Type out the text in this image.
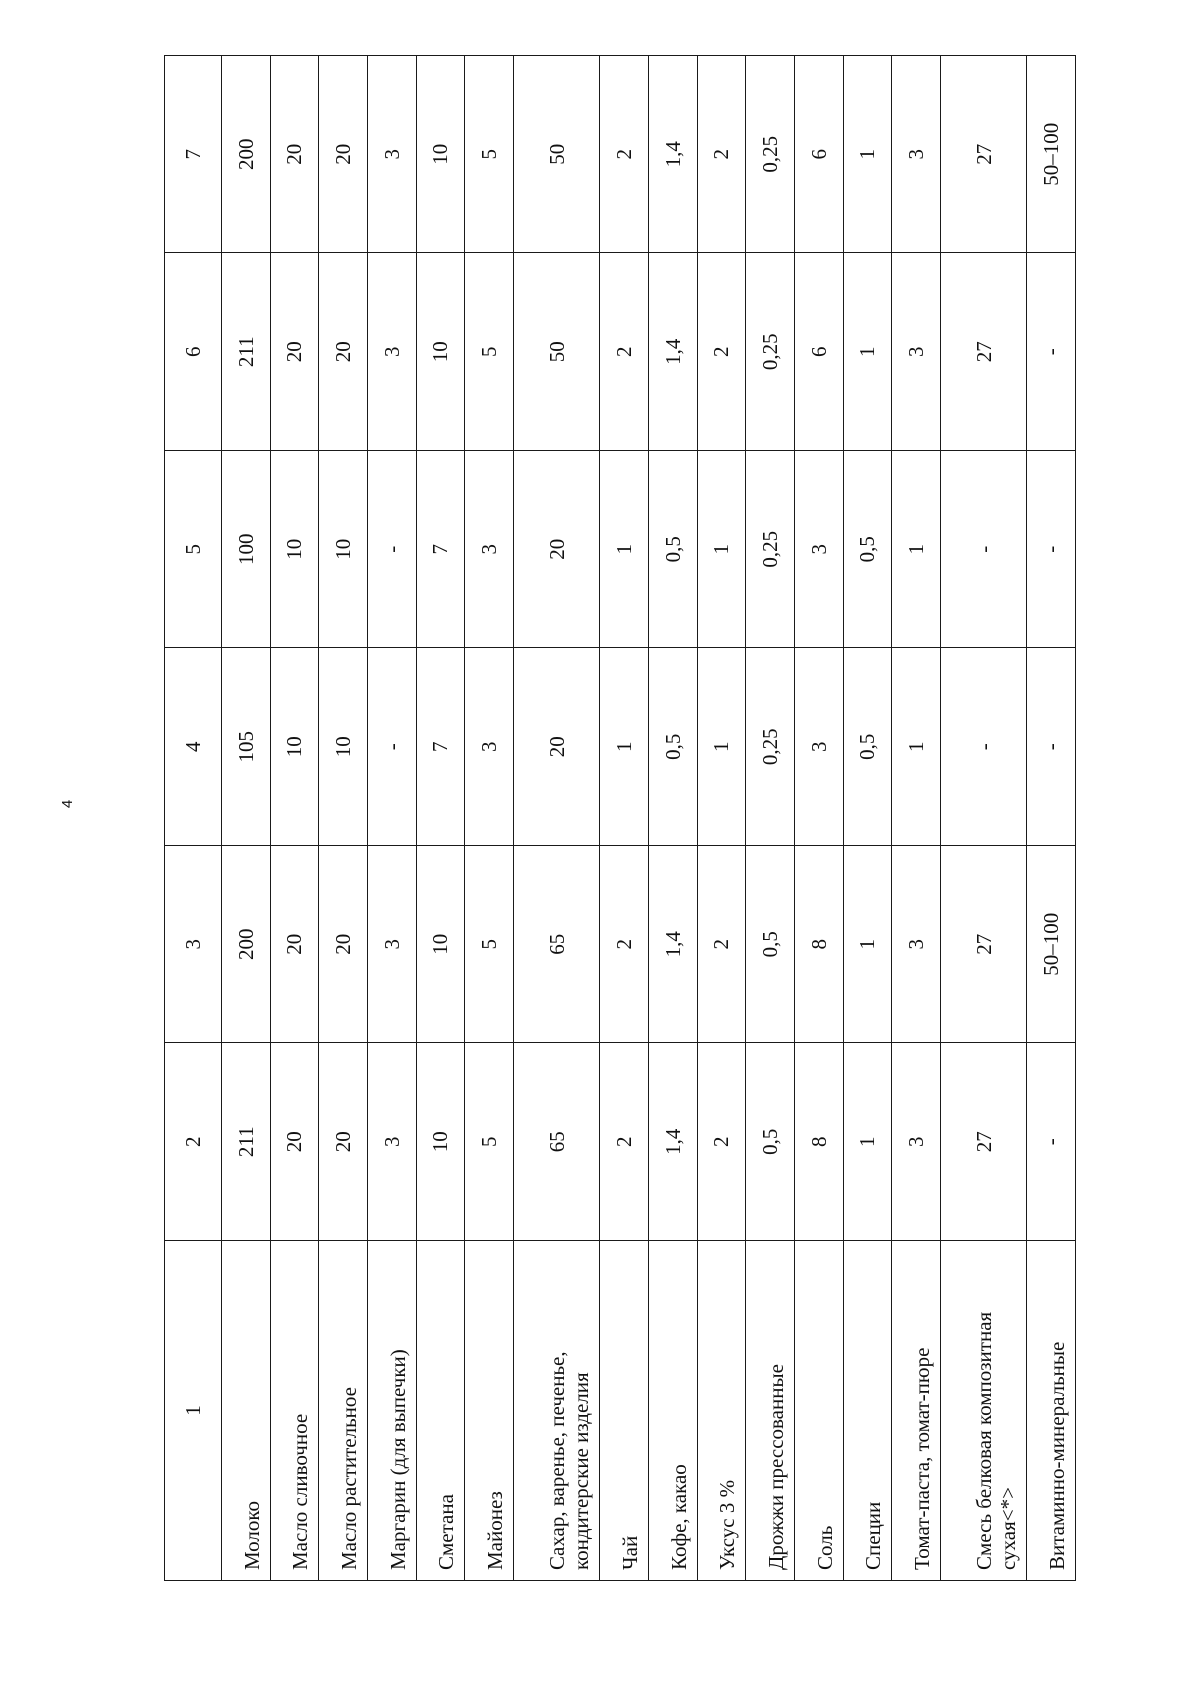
4
1	2	3	4	5	6	7
Молоко	211	200	105	100	211	200
Масло сливочное	20	20	10	10	20	20
Масло растительное	20	20	10	10	20	20
Маргарин (для выпечки)	3	3	-	-	3	3
Сметана	10	10	7	7	10	10
Майонез	5	5	3	3	5	5
Сахар, варенье, печенье, кондитерские изделия	65	65	20	20	50	50
Чай	2	2	1	1	2	2
Кофе, какао	1,4	1,4	0,5	0,5	1,4	1,4
Уксус 3 %	2	2	1	1	2	2
Дрожжи прессованные	0,5	0,5	0,25	0,25	0,25	0,25
Соль	8	8	3	3	6	6
Специи	1	1	0,5	0,5	1	1
Томат-паста, томат-пюре	3	3	1	1	3	3
Смесь белковая композитная сухая<*>	27	27	-	-	27	27
Витаминно-минеральные	-	50–100	-	-	-	50–100
